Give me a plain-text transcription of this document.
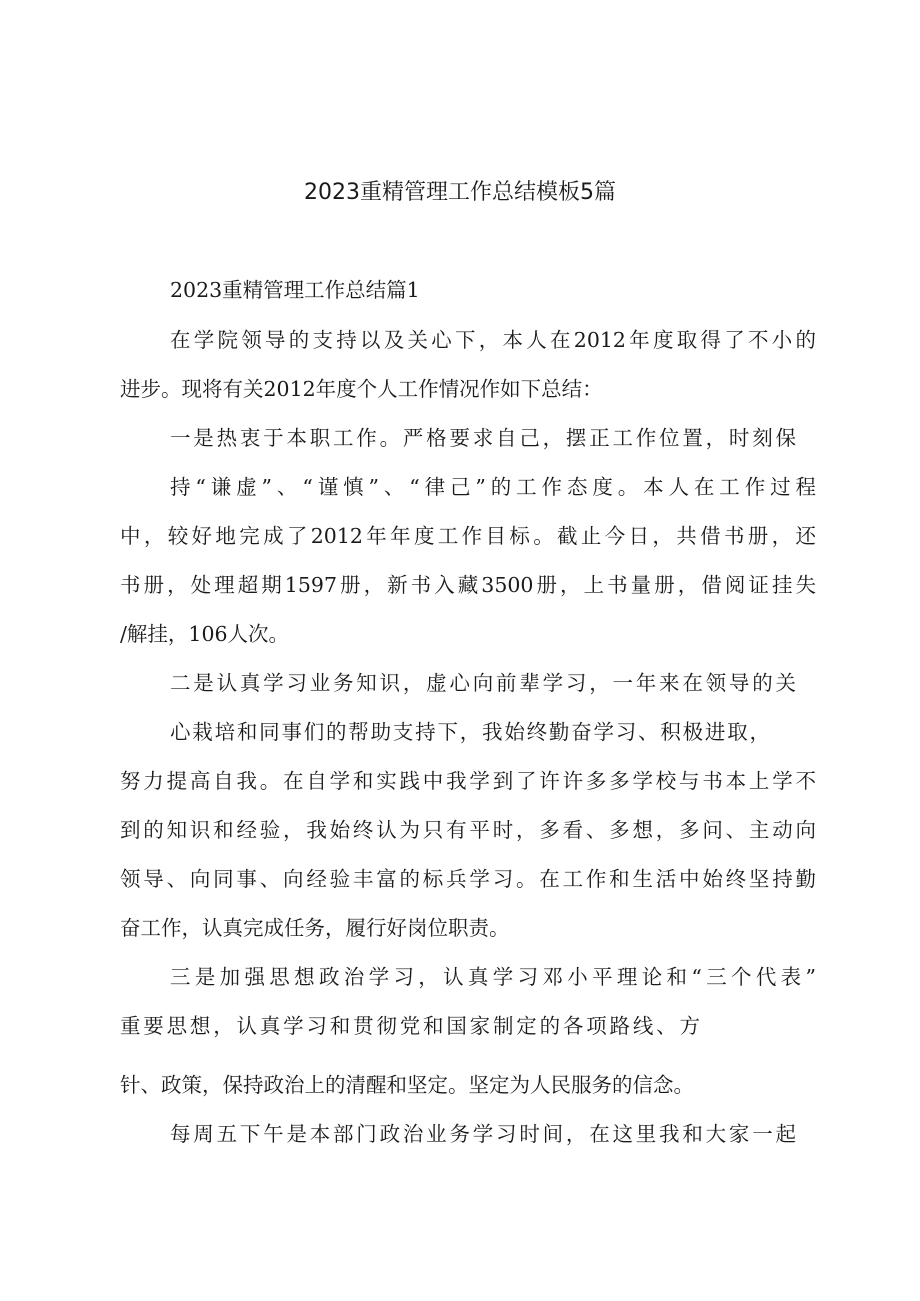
2023重精管理工作总结模板5篇
2023重精管理工作总结篇1
在学院领导的支持以及关心下，本人在2012年度取得了不小的
进步。现将有关2012年度个人工作情况作如下总结：
一是热衷于本职工作。严格要求自己，摆正工作位置，时刻保
持“谦虚”、“谨慎”、“律己”的工作态度。本人在工作过程
中，较好地完成了2012年年度工作目标。截止今日，共借书册，还
书册，处理超期1597册，新书入藏3500册，上书量册，借阅证挂失
/解挂，106人次。
二是认真学习业务知识，虚心向前辈学习，一年来在领导的关
心栽培和同事们的帮助支持下，我始终勤奋学习、积极进取，
努力提高自我。在自学和实践中我学到了许许多多学校与书本上学不
到的知识和经验，我始终认为只有平时，多看、多想，多问、主动向
领导、向同事、向经验丰富的标兵学习。在工作和生活中始终坚持勤
奋工作，认真完成任务，履行好岗位职责。
三是加强思想政治学习，认真学习邓小平理论和“三个代表”
重要思想，认真学习和贯彻党和国家制定的各项路线、方
针、政策，保持政治上的清醒和坚定。坚定为人民服务的信念。
每周五下午是本部门政治业务学习时间，在这里我和大家一起
